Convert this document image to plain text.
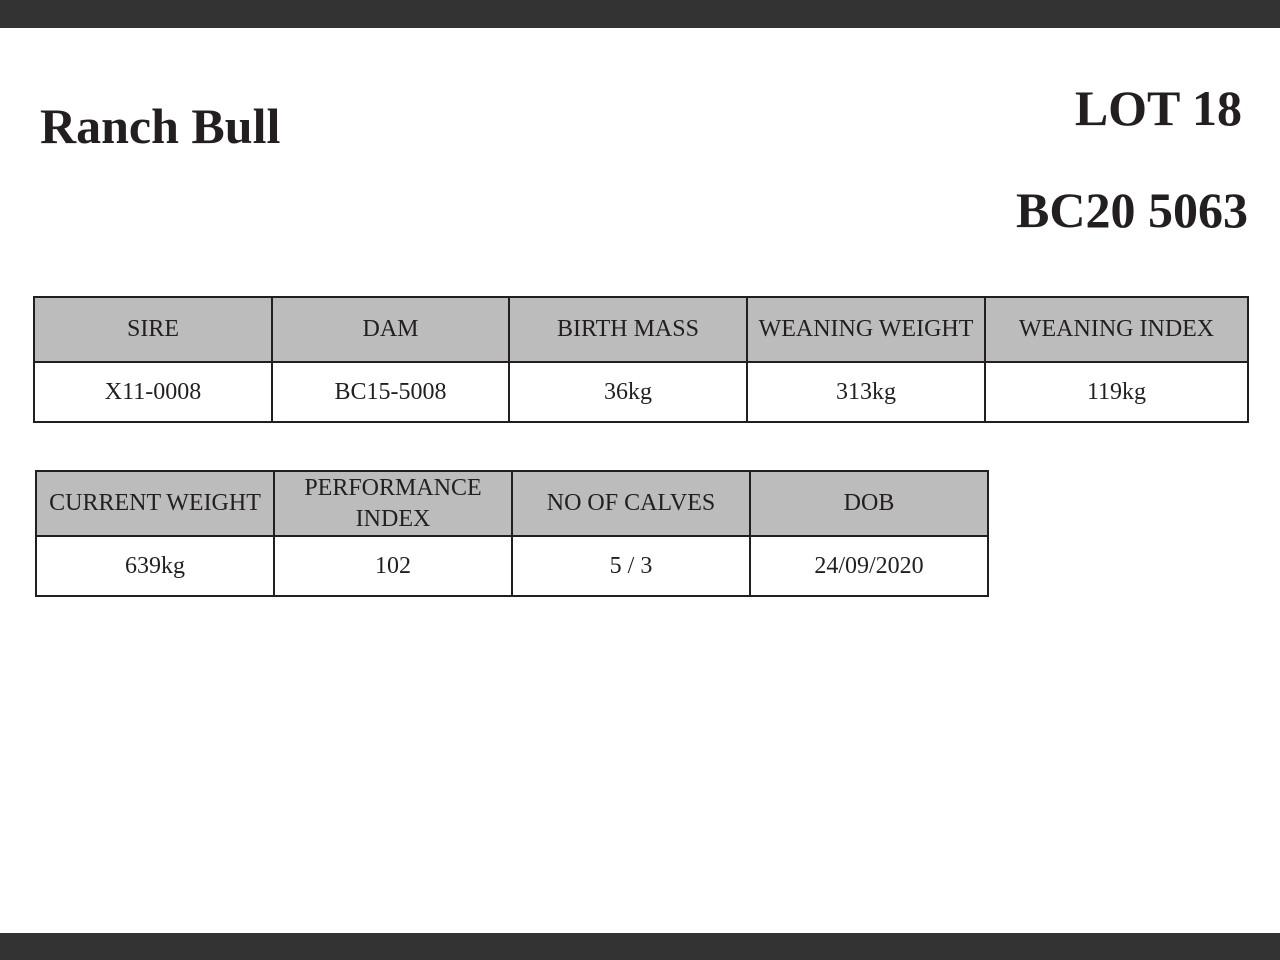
Ranch Bull	LOT 18
BC20 5063
SIRE	DAM	BIRTH MASS	WEANING WEIGHT	WEANING INDEX
X11-0008	BC15-5008	36kg	313kg	119kg
CURRENT WEIGHT	PERFORMANCE INDEX	NO OF CALVES	DOB
639kg	102	5 / 3	24/09/2020
